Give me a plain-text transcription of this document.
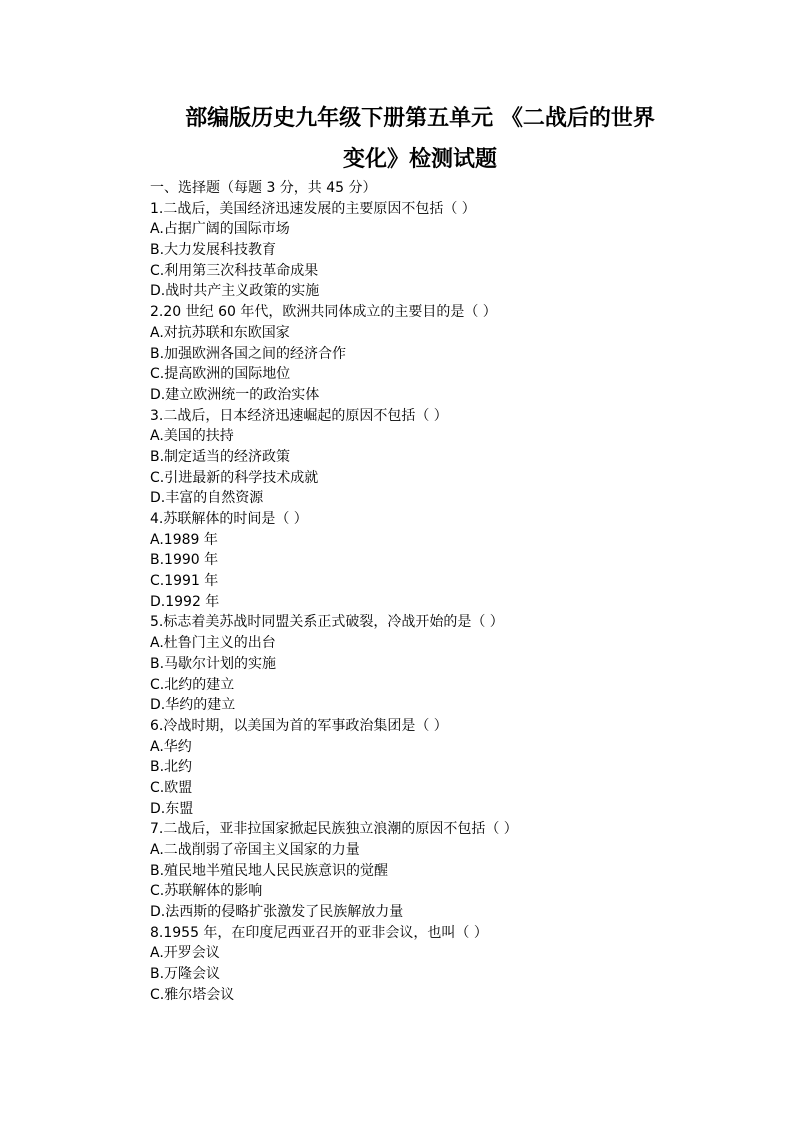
部编版历史九年级下册第五单元 《二战后的世界
变化》检测试题
一、选择题（每题 3 分，共 45 分）
1.二战后，美国经济迅速发展的主要原因不包括（ ）
A.占据广阔的国际市场
B.大力发展科技教育
C.利用第三次科技革命成果
D.战时共产主义政策的实施
2.20 世纪 60 年代，欧洲共同体成立的主要目的是（ ）
A.对抗苏联和东欧国家
B.加强欧洲各国之间的经济合作
C.提高欧洲的国际地位
D.建立欧洲统一的政治实体
3.二战后，日本经济迅速崛起的原因不包括（ ）
A.美国的扶持
B.制定适当的经济政策
C.引进最新的科学技术成就
D.丰富的自然资源
4.苏联解体的时间是（ ）
A.1989 年
B.1990 年
C.1991 年
D.1992 年
5.标志着美苏战时同盟关系正式破裂，冷战开始的是（ ）
A.杜鲁门主义的出台
B.马歇尔计划的实施
C.北约的建立
D.华约的建立
6.冷战时期，以美国为首的军事政治集团是（ ）
A.华约
B.北约
C.欧盟
D.东盟
7.二战后，亚非拉国家掀起民族独立浪潮的原因不包括（ ）
A.二战削弱了帝国主义国家的力量
B.殖民地半殖民地人民民族意识的觉醒
C.苏联解体的影响
D.法西斯的侵略扩张激发了民族解放力量
8.1955 年，在印度尼西亚召开的亚非会议，也叫（ ）
A.开罗会议
B.万隆会议
C.雅尔塔会议
